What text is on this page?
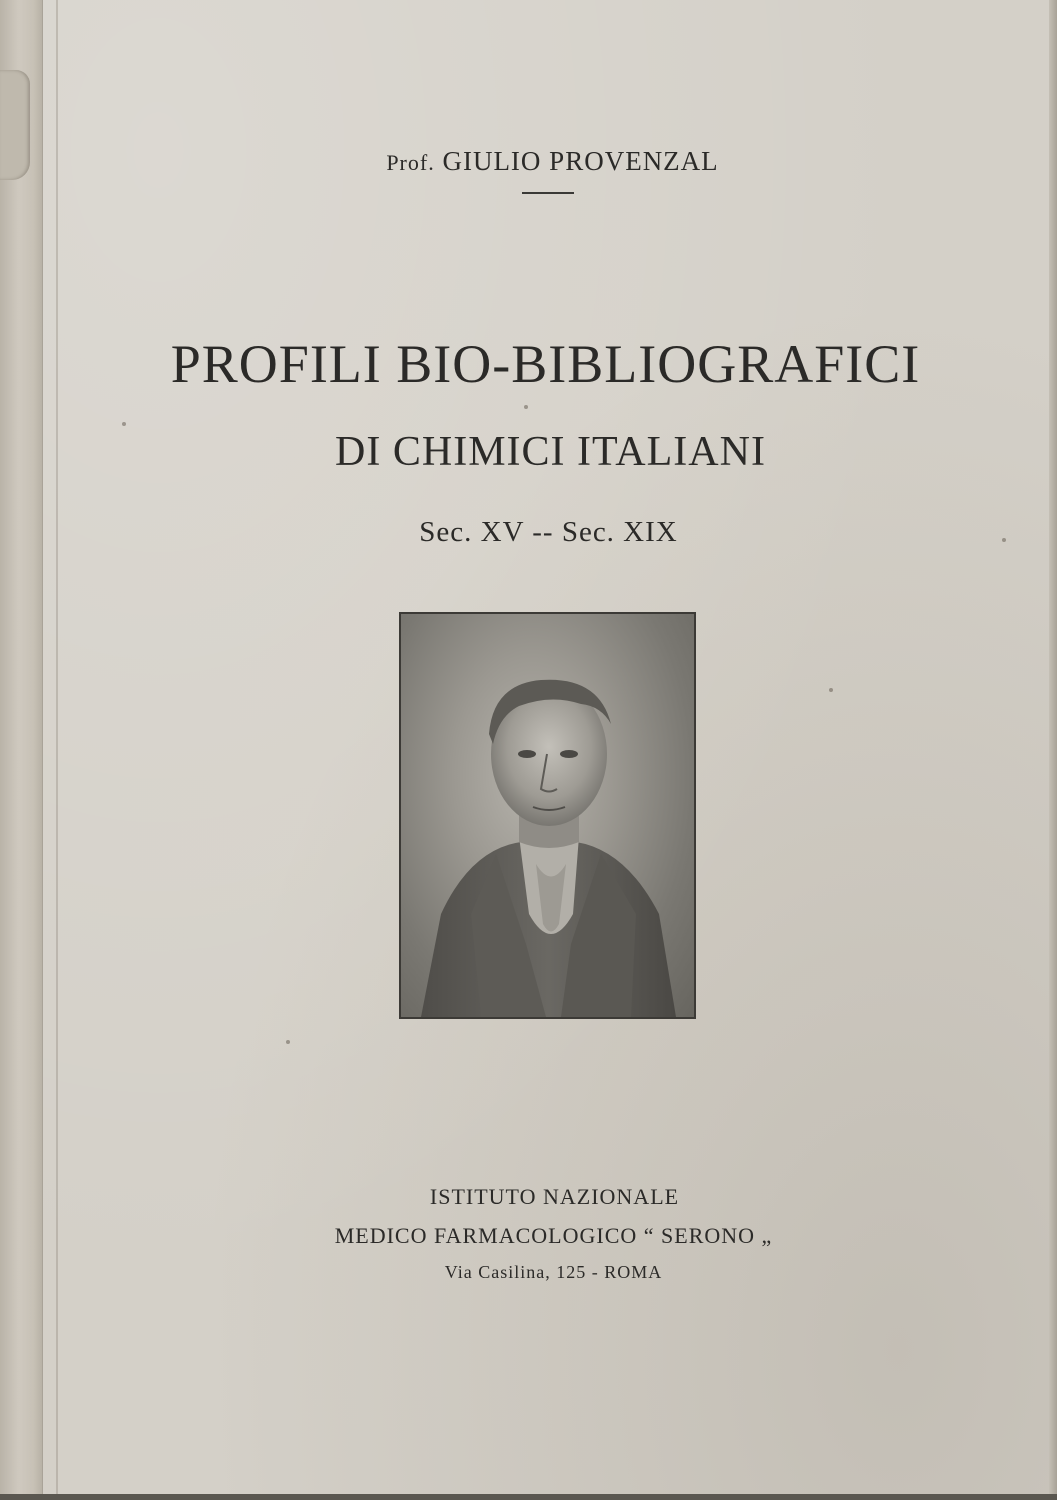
Prof. GIULIO PROVENZAL
PROFILI BIO-BIBLIOGRAFICI
DI CHIMICI ITALIANI
Sec. XV -- Sec. XIX
ISTITUTO NAZIONALE
MEDICO FARMACOLOGICO “ SERONO „
Via Casilina, 125 - ROMA
